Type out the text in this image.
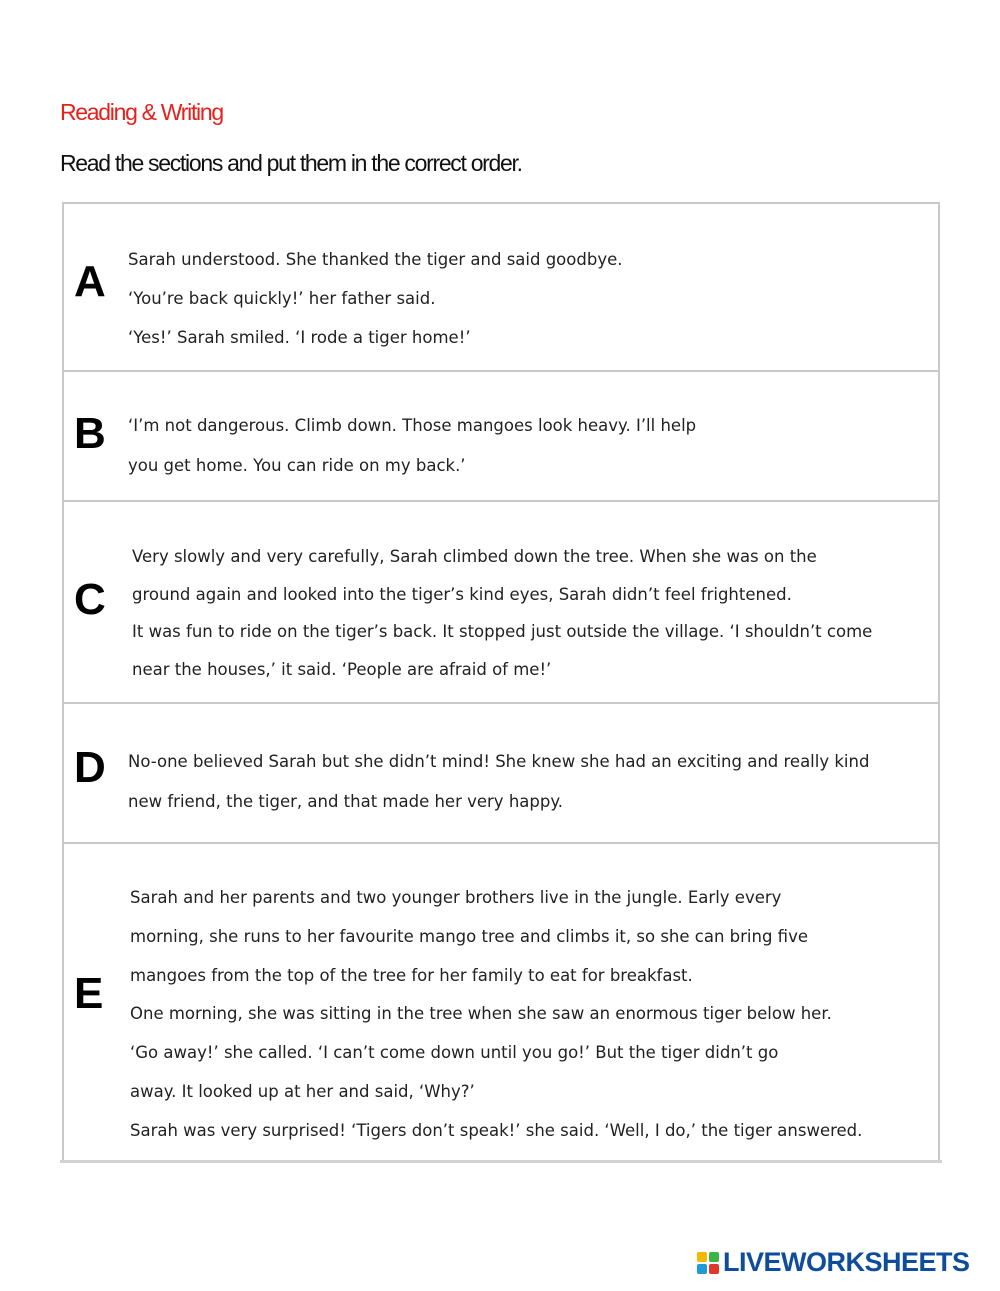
Reading & Writing
Read the sections and put them in the correct order.
A Sarah understood. She thanked the tiger and said goodbye.
‘You’re back quickly!’ her father said.
‘Yes!’ Sarah smiled. ‘I rode a tiger home!’
B ‘I’m not dangerous. Climb down. Those mangoes look heavy. I’ll help
you get home. You can ride on my back.’
C
Very slowly and very carefully, Sarah climbed down the tree. When she was on the
ground again and looked into the tiger’s kind eyes, Sarah didn’t feel frightened.
It was fun to ride on the tiger’s back. It stopped just outside the village. ‘I shouldn’t come
near the houses,’ it said. ‘People are afraid of me!’
D No-one believed Sarah but she didn’t mind! She knew she had an exciting and really kind
new friend, the tiger, and that made her very happy.
E
Sarah and her parents and two younger brothers live in the jungle. Early every
morning, she runs to her favourite mango tree and climbs it, so she can bring five
mangoes from the top of the tree for her family to eat for breakfast.
One morning, she was sitting in the tree when she saw an enormous tiger below her.
‘Go away!’ she called. ‘I can’t come down until you go!’ But the tiger didn’t go
away. It looked up at her and said, ‘Why?’
Sarah was very surprised! ‘Tigers don’t speak!’ she said. ‘Well, I do,’ the tiger answered.
LIVEWORKSHEETS
